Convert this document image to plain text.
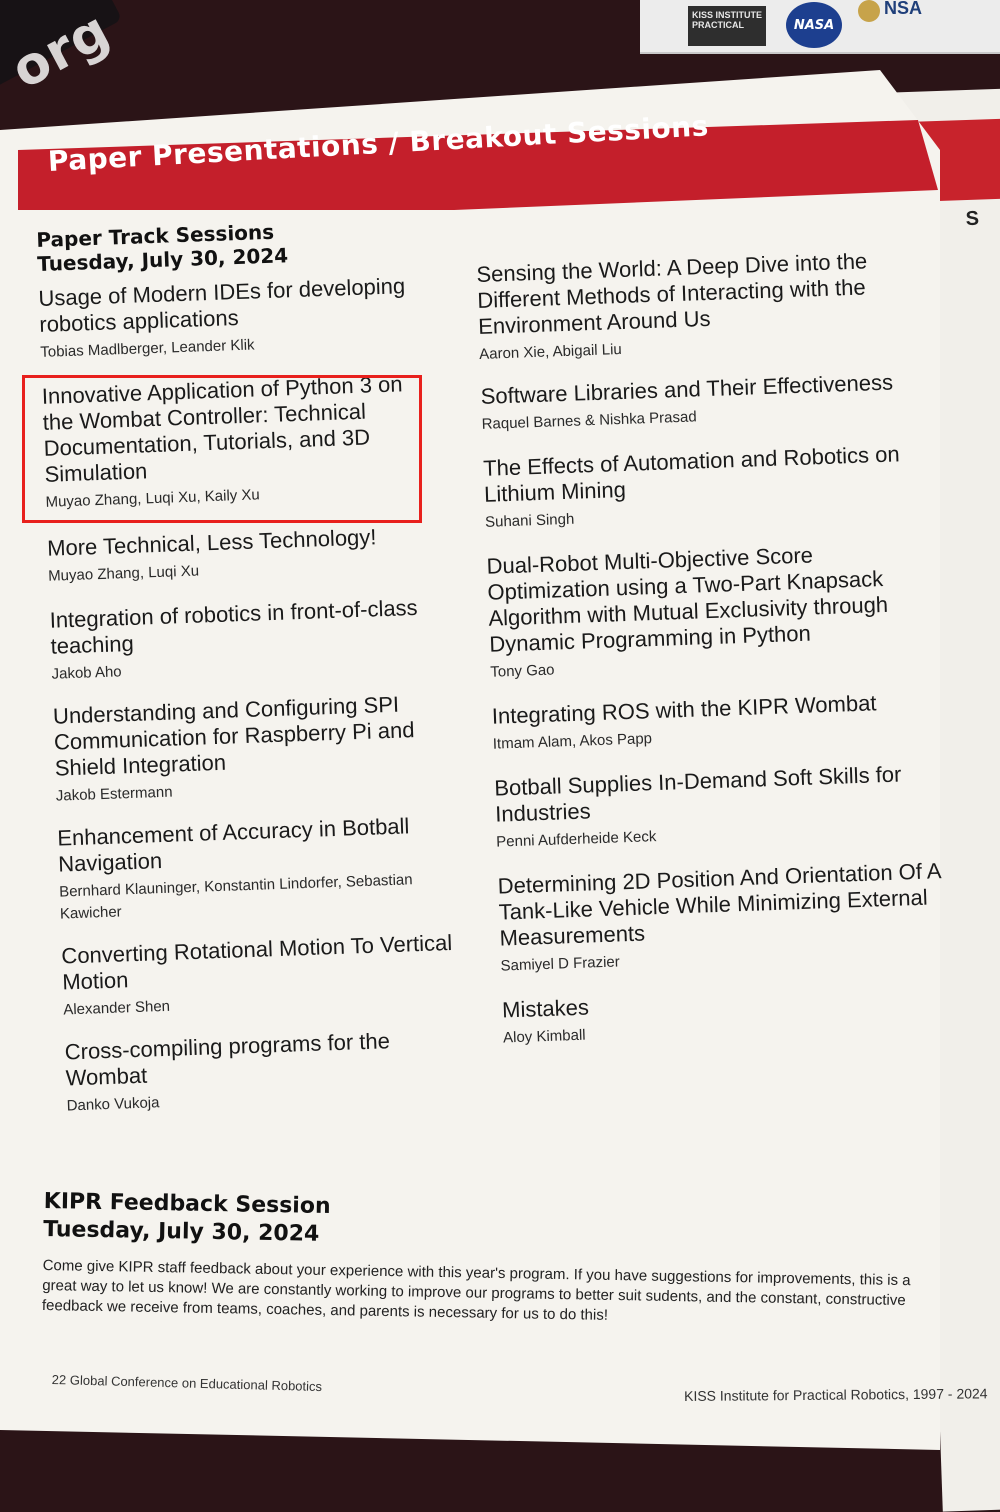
org	KISS INSTITUTE PRACTICAL	NASA
NSA
S
Paper Presentations / Breakout Sessions
Paper Track Sessions
Tuesday, July 30, 2024
Usage of Modern IDEs for developing robotics applications
Tobias Madlberger, Leander Klik
Innovative Application of Python 3 on the Wombat Controller: Technical Documentation, Tutorials, and 3D Simulation
Muyao Zhang, Luqi Xu, Kaily Xu
More Technical, Less Technology!
Muyao Zhang, Luqi Xu
Integration of robotics in front-of-class teaching
Jakob Aho
Understanding and Configuring SPI Communication for Raspberry Pi and Shield Integration
Jakob Estermann
Enhancement of Accuracy in Botball Navigation
Bernhard Klauninger, Konstantin Lindorfer, Sebastian Kawicher
Converting Rotational Motion To Vertical Motion
Alexander Shen
Cross-compiling programs for the Wombat
Danko Vukoja
Sensing the World: A Deep Dive into the Different Methods of Interacting with the Environment Around Us
Aaron Xie, Abigail Liu
Software Libraries and Their Effectiveness
Raquel Barnes & Nishka Prasad
The Effects of Automation and Robotics on Lithium Mining
Suhani Singh
Dual-Robot Multi-Objective Score Optimization using a Two-Part Knapsack Algorithm with Mutual Exclusivity through Dynamic Programming in Python
Tony Gao
Integrating ROS with the KIPR Wombat
Itmam Alam, Akos Papp
Botball Supplies In-Demand Soft Skills for Industries
Penni Aufderheide Keck
Determining 2D Position And Orientation Of A Tank-Like Vehicle While Minimizing External Measurements
Samiyel D Frazier
Mistakes
Aloy Kimball
KIPR Feedback Session
Tuesday, July 30, 2024
Come give KIPR staff feedback about your experience with this year's program. If you have suggestions for improvements, this is a great way to let us know! We are constantly working to improve our programs to better suit sudents, and the constant, constructive feedback we receive from teams, coaches, and parents is necessary for us to do this!
22 Global Conference on Educational Robotics
KISS Institute for Practical Robotics, 1997 - 2024
